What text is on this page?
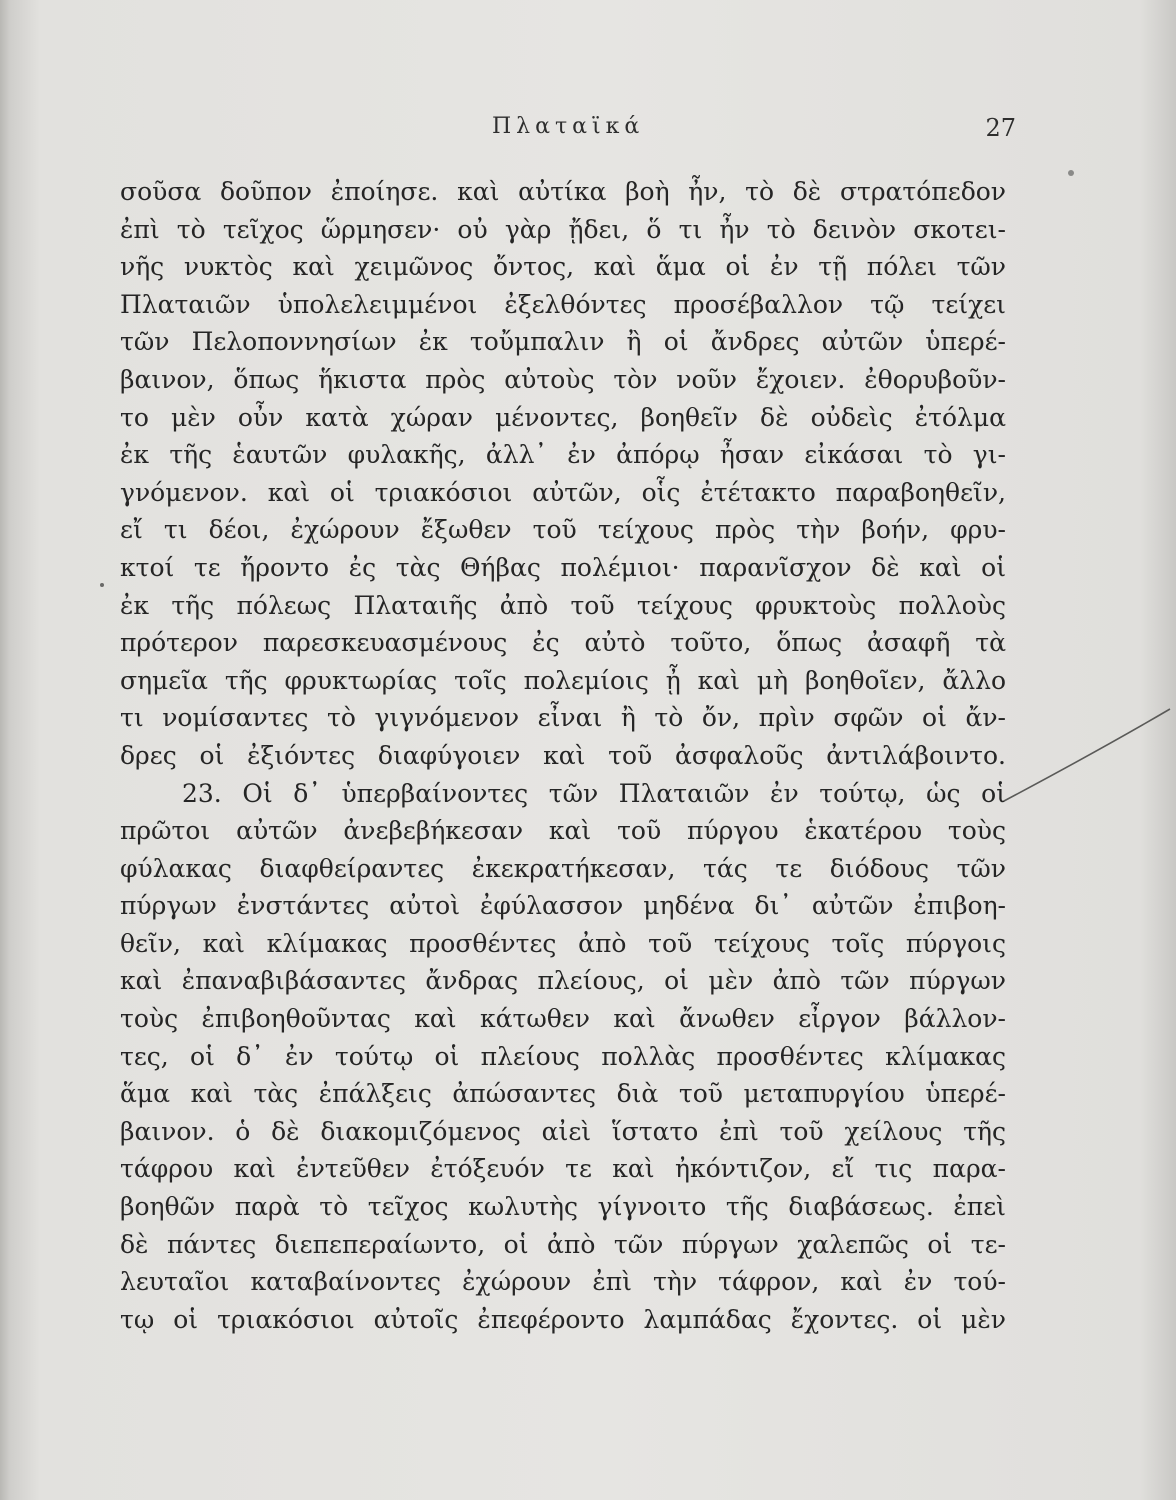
Πλαταϊκά	27
σοῦσα δοῦπον ἐποίησε. καὶ αὐτίκα βοὴ ἦν, τὸ δὲ στρατόπεδον
ἐπὶ τὸ τεῖχος ὥρμησεν· οὐ γὰρ ᾔδει, ὅ τι ἦν τὸ δεινὸν σκοτει-
νῆς νυκτὸς καὶ χειμῶνος ὄντος, καὶ ἅμα οἱ ἐν τῇ πόλει τῶν
Πλαταιῶν ὑπολελειμμένοι ἐξελθόντες προσέβαλλον τῷ τείχει
τῶν Πελοποννησίων ἐκ τοὔμπαλιν ἢ οἱ ἄνδρες αὐτῶν ὑπερέ-
βαινον, ὅπως ἥκιστα πρὸς αὐτοὺς τὸν νοῦν ἔχοιεν. ἐθορυβοῦν-
το μὲν οὖν κατὰ χώραν μένοντες, βοηθεῖν δὲ οὐδεὶς ἐτόλμα
ἐκ τῆς ἑαυτῶν φυλακῆς, ἀλλ᾽ ἐν ἀπόρῳ ἦσαν εἰκάσαι τὸ γι-
γνόμενον. καὶ οἱ τριακόσιοι αὐτῶν, οἷς ἐτέτακτο παραβοηθεῖν,
εἴ τι δέοι, ἐχώρουν ἔξωθεν τοῦ τείχους πρὸς τὴν βοήν, φρυ-
κτοί τε ἤροντο ἐς τὰς Θήβας πολέμιοι· παρανῖσχον δὲ καὶ οἱ
ἐκ τῆς πόλεως Πλαταιῆς ἀπὸ τοῦ τείχους φρυκτοὺς πολλοὺς
πρότερον παρεσκευασμένους ἐς αὐτὸ τοῦτο, ὅπως ἀσαφῆ τὰ
σημεῖα τῆς φρυκτωρίας τοῖς πολεμίοις ᾖ καὶ μὴ βοηθοῖεν, ἄλλο
τι νομίσαντες τὸ γιγνόμενον εἶναι ἢ τὸ ὄν, πρὶν σφῶν οἱ ἄν-
δρες οἱ ἐξιόντες διαφύγοιεν καὶ τοῦ ἀσφαλοῦς ἀντιλάβοιντο.
23. Οἱ δ᾽ ὑπερβαίνοντες τῶν Πλαταιῶν ἐν τούτῳ, ὡς οἱ
πρῶτοι αὐτῶν ἀνεβεβήκεσαν καὶ τοῦ πύργου ἑκατέρου τοὺς
φύλακας διαφθείραντες ἐκεκρατήκεσαν, τάς τε διόδους τῶν
πύργων ἐνστάντες αὐτοὶ ἐφύλασσον μηδένα δι᾽ αὐτῶν ἐπιβοη-
θεῖν, καὶ κλίμακας προσθέντες ἀπὸ τοῦ τείχους τοῖς πύργοις
καὶ ἐπαναβιβάσαντες ἄνδρας πλείους, οἱ μὲν ἀπὸ τῶν πύργων
τοὺς ἐπιβοηθοῦντας καὶ κάτωθεν καὶ ἄνωθεν εἶργον βάλλον-
τες, οἱ δ᾽ ἐν τούτῳ οἱ πλείους πολλὰς προσθέντες κλίμακας
ἅμα καὶ τὰς ἐπάλξεις ἀπώσαντες διὰ τοῦ μεταπυργίου ὑπερέ-
βαινον. ὁ δὲ διακομιζόμενος αἰεὶ ἵστατο ἐπὶ τοῦ χείλους τῆς
τάφρου καὶ ἐντεῦθεν ἐτόξευόν τε καὶ ἠκόντιζον, εἴ τις παρα-
βοηθῶν παρὰ τὸ τεῖχος κωλυτὴς γίγνοιτο τῆς διαβάσεως. ἐπεὶ
δὲ πάντες διεπεπεραίωντο, οἱ ἀπὸ τῶν πύργων χαλεπῶς οἱ τε-
λευταῖοι καταβαίνοντες ἐχώρουν ἐπὶ τὴν τάφρον, καὶ ἐν τού-
τῳ οἱ τριακόσιοι αὐτοῖς ἐπεφέροντο λαμπάδας ἔχοντες. οἱ μὲν
